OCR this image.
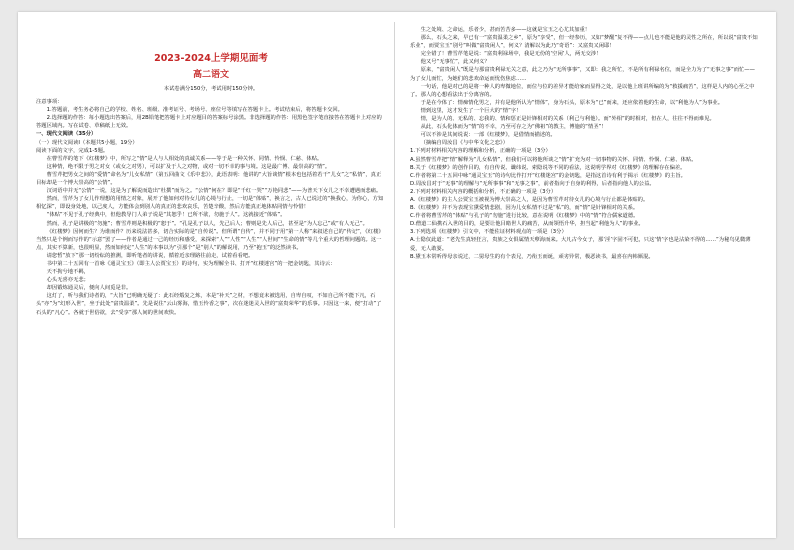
2023-2024上学期见面考
高二语文
本试卷满分150分，考试用时150分钟。

注意事项：

1.答题前，考生务必将自己的学校、姓名、班级、准考证号、考场号、座位号等填写在答题卡上。考试结束后，将答题卡交回。

2.选择题的作答：每小题选出答案后，用2B铅笔把答题卡上对应题目的答案标号涂黑。非选择题的作答：用黑色签字笔直接答在答题卡上对应的答题区域内。写在试卷、草稿纸上无效。

一、现代文阅读（35分）

（一）现代文阅读Ⅰ（本题共5小题，19分）

阅读下面的文字，完成1-5题。

在曹雪芹的笔下《红楼梦》中，所写之“情”是人与人相处的真诚关系——等于是一种关怀、同情、怜悯、仁慈、体贴。

这种情，绝不限于男之对女（或女之对男），可以扩及于人之对物，或对一切不幸的事与境。这是最广博、最崇高的“情”。

曹雪芹把男女之间的“爱情”命名为“儿女私情”（第五回曲文《乐中悲》），此语表明：他讲的“大旨谈情”根本也包括着若干“儿女”之“私情”，真正目标却是一个博大崇高的“公情”。

汉词语中并无“公情”一说，这是为了解说而造出“杜撰”而为之。“公情”何在？即是“千红一哭”“万艳同悲”——为普天下女儿之不幸遭遇而悲痛。

然而，雪芹为了女儿作理想的用情之对象，展开了他如何对待女儿的心境与行止，一切是“体贴”，换言之，古人已说过的“换我心，为你心，方知相忆深”，即设身处地，以己度人，方能体会到别人的真正的悲欢哀乐，苦楚辛酸，然后方能真正地体贴同情与怜惜！

“体贴”不见于孔子经典中，但他教导门人弟子说是“其恕乎！已所不欲，勿施于人”。这就接近“体贴”。

然而，孔子是讲极的“勿施”；曹雪芹则是积极的“恕于”。“孔是孔子以人，先己后人；曹则是先人后己，甚至是“为人忘己”或“有人无己”。

《红楼梦》因何而生？为谁而作？历来说法甚多，切合实际的是“自传说”。但所谓“自传”，并不同于用“第一人称”来叙述自己的“传记”，《红楼》当然只是个例而写作的“示意”罢了——作者是通过一己的经历和感受，来探索“人”“人性”“人生”“人世间”“生命的情”等几个重大的哲理问题的。这一点，其实不算新，也很明显，然而如何定“人生”的本事以为“引那个”是“别人”的解说用，乃至“抱玉”的泛然读书。

请您暂“放下”那一切纷纭的推测，即听笔者的讲说，循着近亲理路往前走，试着看看吧。

书中第二十五回有一首咏《通灵宝玉》（即主人公贾宝玉）的诗句，实为理解全书、打开“红楼迷宫”的一把金钥匙，其诗云：

天不拘兮地不羁，

心头无喜亦无悲；

却因锻炼通灵后，便向人间觅是非。

这灯了，听与我们诗者的，“大旨”已明确无疑了：此石经煅复之炼，本是“补天”之材，不想竟未被选用，自卑自叹，不如自己所不能下凡，石头“亦”为“幻形入世”，坐于此处“富贵温柔”。先是说住“云山雾海，惜玉怜香之事”，次在迷迷灵入世的“富贵荣华”的乐事。只因这一来，便“打动”了石头的“凡心”。各就于世俗欲，去“受享”那人间的世间欢快。

生之处境、之命运，乐者少，甚而苦苦多——这就是宝玉之心尤其加重！

那么，石头之来，早已有一“富贵温柔之乡”，原为“享受”，但一经参历，又如“梦醒”复不得——点儿也不能是他的灵性之所在，所以说“富贵不知乐业”，而贾宝玉“别号”叫做“富贵闲人”，何义？清解以为此乃“奇语”：又富贵又闲耶！

完全错了！曹雪芹笔是说：“富贵利禄场中，我是无份的‘空闲’人，两无交涉！

他又号“无事忙”，此又何义？

原来，“富贵闲人”既是与那富贵利禄无关之意，此之乃为“无所事事”，又即：我之所忙，不是所有利禄名位，而是全力为了“无事之事”而忙——为了女儿而忙，为她们的悲欢命运而忧伤焦虑……

一句话，他是对已的是将一种人的卑微地位，而位与位的差异才能给家而显得之处，是以他上班讲所编的为“救援痛苦”，这样是人内的心至之中了。那人的心想看法出于分离容的。

于是在今体了：情痴情化男之，并有是他所认为“情体”，身为石头，原本为“已”而来，还应依着他的生命，以“利他为人”为事业。

情到这里，这才发生了一个巨大的“情”字！

情，是为人的、无私的、忘我的、情和惩正是针锋相对的关系（利己与利他）。而“外相”的时相对，但在人，往往不得而难见。

从此，石头化体而为“情”的不幸，乃至可存之为“佛祖”的教主，博施的“情圣”！

可以不涉是其间说说：一部《红楼梦》，是借情而描述的。

（摘编自周汝昌《与中华文化之恋》）

1.下列对材料相关内容的理解和分析，正确的一项是（3分）

A.虽然曹雪芹把“情”解释为“儿女私情”，但我们可以将他所谈之“情”扩充为对一切事物的关怀、同情、怜悯、仁慈、体贴。

B.关于《红楼梦》的创作目的，有自传说、谶纬说、索隐说等不同的看法，这说明学界对《红楼梦》的理解存在偏差。

C.作者将第二十五回中咏“通灵宝玉”的诗句比作打开“红楼迷宫”的金钥匙，是指这首诗有利于揭示《红楼梦》的主旨。

D.周汝昌对于“无事”的理解与“无所事事”和“无事之事”，前者指向于自身的利得，后者指向他人的公益。

2.下列对材料相关内容的概括和分析，不正确的一项是（3分）

A.《红楼梦》的主人公贾宝玉被视为博大崇高之人，是因为曹雪芹对待女儿的心境与行止都是体贴的。

B.《红楼梦》并不为表现宝黛爱情悲剧，因为儿女私情不过是“私”的，而“情”是针锋相对的关系。

C.作者将曹雪芹的“体贴”与孔子的“勿施”进行比较，意在说明《红楼梦》中的“情”符合儒家道德。

D.僧道二仙携石入世的目的，是要让他目睹世人的痛苦，从而领悟升华，担当起“利他为人”的事业。

3.下列选项《红楼梦》引文中，不能佐证材料观点的一项是（3分）

A.士隐仅此道：“老先生真轻狂言，贵族之女俱属情天孽海而来。大凡古今女子，那‘淫’字固不可犯，只这‘情’字也是沾染不得的……”为秘鸟见微薄爱，无人敢耍。

B.黛玉本常听得母亲说过，二舅母生的有个表兄，乃衔玉而诞，顽劣异常，极恶读书，最喜在内帏厮混。
